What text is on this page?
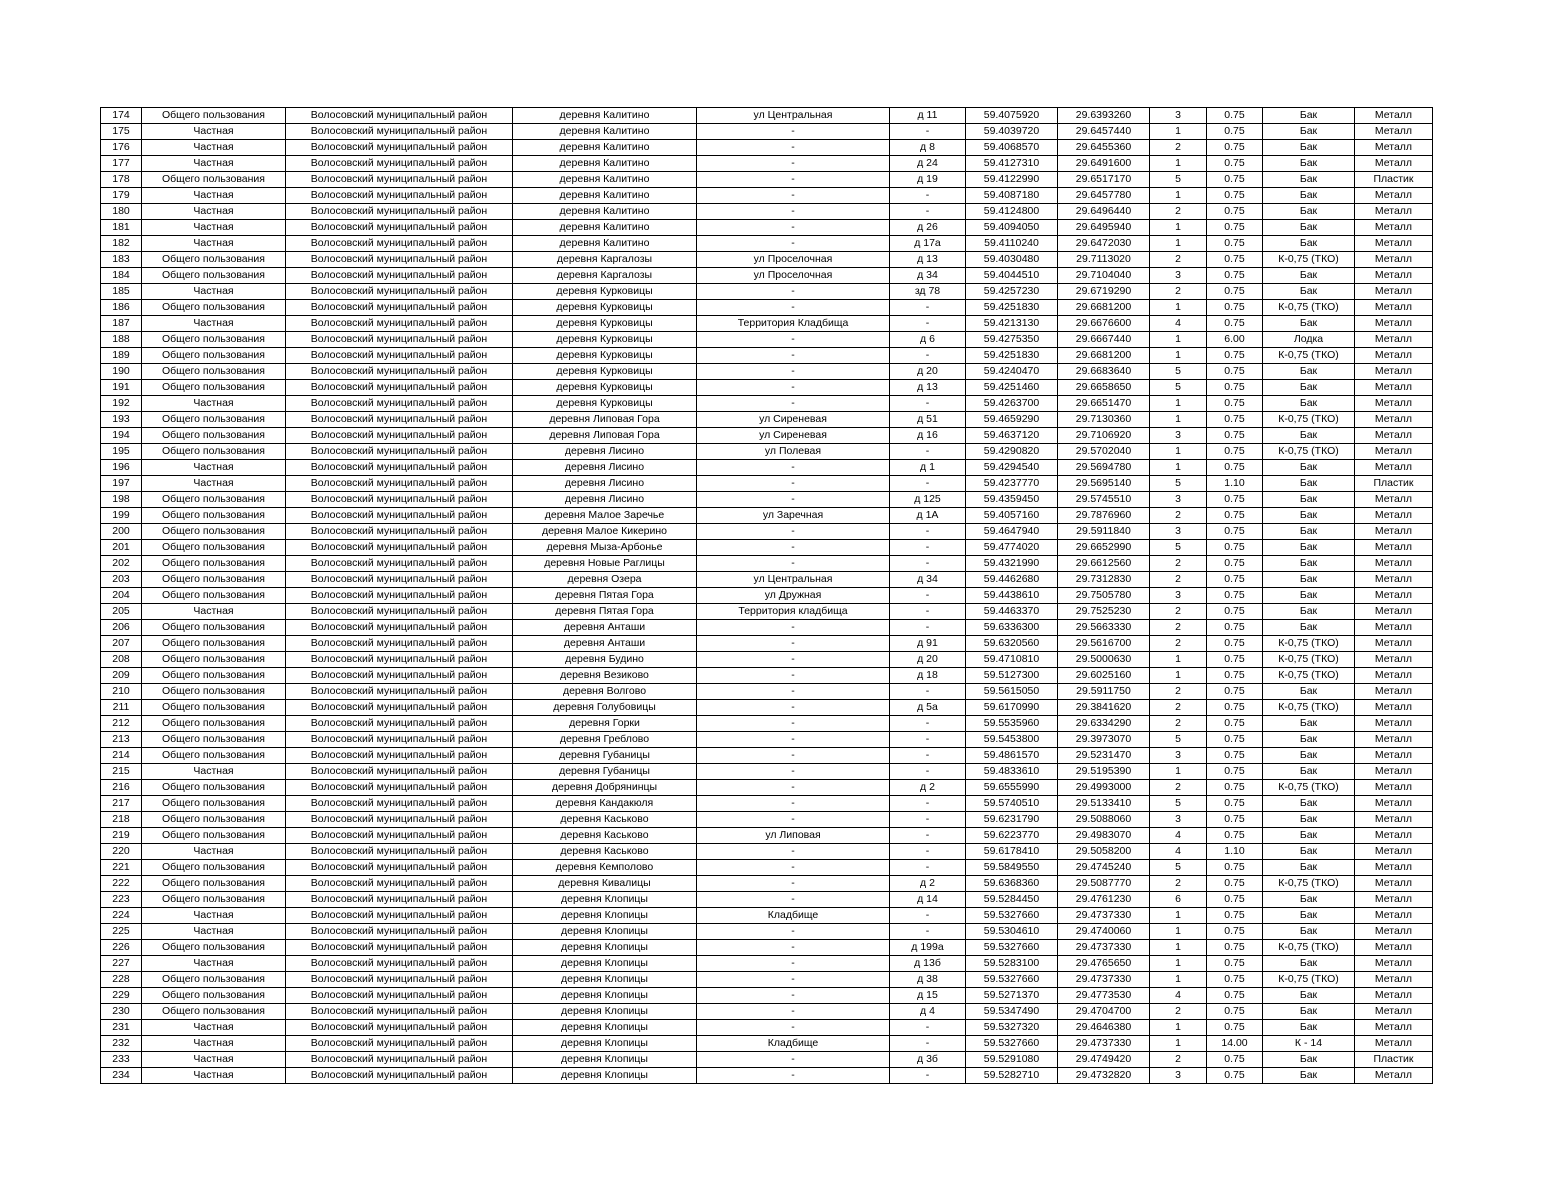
174	Общего пользования	Волосовский муниципальный район	деревня Калитино	ул Центральная	д 11	59.4075920	29.6393260	3	0.75	Бак	Металл
175	Частная	Волосовский муниципальный район	деревня Калитино	-	-	59.4039720	29.6457440	1	0.75	Бак	Металл
176	Частная	Волосовский муниципальный район	деревня Калитино	-	д 8	59.4068570	29.6455360	2	0.75	Бак	Металл
177	Частная	Волосовский муниципальный район	деревня Калитино	-	д 24	59.4127310	29.6491600	1	0.75	Бак	Металл
178	Общего пользования	Волосовский муниципальный район	деревня Калитино	-	д 19	59.4122990	29.6517170	5	0.75	Бак	Пластик
179	Частная	Волосовский муниципальный район	деревня Калитино	-	-	59.4087180	29.6457780	1	0.75	Бак	Металл
180	Частная	Волосовский муниципальный район	деревня Калитино	-	-	59.4124800	29.6496440	2	0.75	Бак	Металл
181	Частная	Волосовский муниципальный район	деревня Калитино	-	д 26	59.4094050	29.6495940	1	0.75	Бак	Металл
182	Частная	Волосовский муниципальный район	деревня Калитино	-	д 17а	59.4110240	29.6472030	1	0.75	Бак	Металл
183	Общего пользования	Волосовский муниципальный район	деревня Каргалозы	ул Проселочная	д 13	59.4030480	29.7113020	2	0.75	К-0,75 (ТКО)	Металл
184	Общего пользования	Волосовский муниципальный район	деревня Каргалозы	ул Проселочная	д 34	59.4044510	29.7104040	3	0.75	Бак	Металл
185	Частная	Волосовский муниципальный район	деревня Курковицы	-	зд 78	59.4257230	29.6719290	2	0.75	Бак	Металл
186	Общего пользования	Волосовский муниципальный район	деревня Курковицы	-	-	59.4251830	29.6681200	1	0.75	К-0,75 (ТКО)	Металл
187	Частная	Волосовский муниципальный район	деревня Курковицы	Территория Кладбища	-	59.4213130	29.6676600	4	0.75	Бак	Металл
188	Общего пользования	Волосовский муниципальный район	деревня Курковицы	-	д 6	59.4275350	29.6667440	1	6.00	Лодка	Металл
189	Общего пользования	Волосовский муниципальный район	деревня Курковицы	-	-	59.4251830	29.6681200	1	0.75	К-0,75 (ТКО)	Металл
190	Общего пользования	Волосовский муниципальный район	деревня Курковицы	-	д 20	59.4240470	29.6683640	5	0.75	Бак	Металл
191	Общего пользования	Волосовский муниципальный район	деревня Курковицы	-	д 13	59.4251460	29.6658650	5	0.75	Бак	Металл
192	Частная	Волосовский муниципальный район	деревня Курковицы	-	-	59.4263700	29.6651470	1	0.75	Бак	Металл
193	Общего пользования	Волосовский муниципальный район	деревня Липовая Гора	ул Сиреневая	д 51	59.4659290	29.7130360	1	0.75	К-0,75 (ТКО)	Металл
194	Общего пользования	Волосовский муниципальный район	деревня Липовая Гора	ул Сиреневая	д 16	59.4637120	29.7106920	3	0.75	Бак	Металл
195	Общего пользования	Волосовский муниципальный район	деревня Лисино	ул Полевая	-	59.4290820	29.5702040	1	0.75	К-0,75 (ТКО)	Металл
196	Частная	Волосовский муниципальный район	деревня Лисино	-	д 1	59.4294540	29.5694780	1	0.75	Бак	Металл
197	Частная	Волосовский муниципальный район	деревня Лисино	-	-	59.4237770	29.5695140	5	1.10	Бак	Пластик
198	Общего пользования	Волосовский муниципальный район	деревня Лисино	-	д 125	59.4359450	29.5745510	3	0.75	Бак	Металл
199	Общего пользования	Волосовский муниципальный район	деревня Малое Заречье	ул Заречная	д 1А	59.4057160	29.7876960	2	0.75	Бак	Металл
200	Общего пользования	Волосовский муниципальный район	деревня Малое Кикерино	-	-	59.4647940	29.5911840	3	0.75	Бак	Металл
201	Общего пользования	Волосовский муниципальный район	деревня Мыза-Арбонье	-	-	59.4774020	29.6652990	5	0.75	Бак	Металл
202	Общего пользования	Волосовский муниципальный район	деревня Новые Раглицы	-	-	59.4321990	29.6612560	2	0.75	Бак	Металл
203	Общего пользования	Волосовский муниципальный район	деревня Озера	ул Центральная	д 34	59.4462680	29.7312830	2	0.75	Бак	Металл
204	Общего пользования	Волосовский муниципальный район	деревня Пятая Гора	ул Дружная	-	59.4438610	29.7505780	3	0.75	Бак	Металл
205	Частная	Волосовский муниципальный район	деревня Пятая Гора	Территория кладбища	-	59.4463370	29.7525230	2	0.75	Бак	Металл
206	Общего пользования	Волосовский муниципальный район	деревня Анташи	-	-	59.6336300	29.5663330	2	0.75	Бак	Металл
207	Общего пользования	Волосовский муниципальный район	деревня Анташи	-	д 91	59.6320560	29.5616700	2	0.75	К-0,75 (ТКО)	Металл
208	Общего пользования	Волосовский муниципальный район	деревня Будино	-	д 20	59.4710810	29.5000630	1	0.75	К-0,75 (ТКО)	Металл
209	Общего пользования	Волосовский муниципальный район	деревня Везиково	-	д 18	59.5127300	29.6025160	1	0.75	К-0,75 (ТКО)	Металл
210	Общего пользования	Волосовский муниципальный район	деревня Волгово	-	-	59.5615050	29.5911750	2	0.75	Бак	Металл
211	Общего пользования	Волосовский муниципальный район	деревня Голубовицы	-	д 5а	59.6170990	29.3841620	2	0.75	К-0,75 (ТКО)	Металл
212	Общего пользования	Волосовский муниципальный район	деревня Горки	-	-	59.5535960	29.6334290	2	0.75	Бак	Металл
213	Общего пользования	Волосовский муниципальный район	деревня Греблово	-	-	59.5453800	29.3973070	5	0.75	Бак	Металл
214	Общего пользования	Волосовский муниципальный район	деревня Губаницы	-	-	59.4861570	29.5231470	3	0.75	Бак	Металл
215	Частная	Волосовский муниципальный район	деревня Губаницы	-	-	59.4833610	29.5195390	1	0.75	Бак	Металл
216	Общего пользования	Волосовский муниципальный район	деревня Добрянинцы	-	д 2	59.6555990	29.4993000	2	0.75	К-0,75 (ТКО)	Металл
217	Общего пользования	Волосовский муниципальный район	деревня Кандакюля	-	-	59.5740510	29.5133410	5	0.75	Бак	Металл
218	Общего пользования	Волосовский муниципальный район	деревня Каськово	-	-	59.6231790	29.5088060	3	0.75	Бак	Металл
219	Общего пользования	Волосовский муниципальный район	деревня Каськово	ул Липовая	-	59.6223770	29.4983070	4	0.75	Бак	Металл
220	Частная	Волосовский муниципальный район	деревня Каськово	-	-	59.6178410	29.5058200	4	1.10	Бак	Металл
221	Общего пользования	Волосовский муниципальный район	деревня Кемполово	-	-	59.5849550	29.4745240	5	0.75	Бак	Металл
222	Общего пользования	Волосовский муниципальный район	деревня Кивалицы	-	д 2	59.6368360	29.5087770	2	0.75	К-0,75 (ТКО)	Металл
223	Общего пользования	Волосовский муниципальный район	деревня Клопицы	-	д 14	59.5284450	29.4761230	6	0.75	Бак	Металл
224	Частная	Волосовский муниципальный район	деревня Клопицы	Кладбище	-	59.5327660	29.4737330	1	0.75	Бак	Металл
225	Частная	Волосовский муниципальный район	деревня Клопицы	-	-	59.5304610	29.4740060	1	0.75	Бак	Металл
226	Общего пользования	Волосовский муниципальный район	деревня Клопицы	-	д 199а	59.5327660	29.4737330	1	0.75	К-0,75 (ТКО)	Металл
227	Частная	Волосовский муниципальный район	деревня Клопицы	-	д 13б	59.5283100	29.4765650	1	0.75	Бак	Металл
228	Общего пользования	Волосовский муниципальный район	деревня Клопицы	-	д 38	59.5327660	29.4737330	1	0.75	К-0,75 (ТКО)	Металл
229	Общего пользования	Волосовский муниципальный район	деревня Клопицы	-	д 15	59.5271370	29.4773530	4	0.75	Бак	Металл
230	Общего пользования	Волосовский муниципальный район	деревня Клопицы	-	д 4	59.5347490	29.4704700	2	0.75	Бак	Металл
231	Частная	Волосовский муниципальный район	деревня Клопицы	-	-	59.5327320	29.4646380	1	0.75	Бак	Металл
232	Частная	Волосовский муниципальный район	деревня Клопицы	Кладбище	-	59.5327660	29.4737330	1	14.00	К - 14	Металл
233	Частная	Волосовский муниципальный район	деревня Клопицы	-	д 3б	59.5291080	29.4749420	2	0.75	Бак	Пластик
234	Частная	Волосовский муниципальный район	деревня Клопицы	-	-	59.5282710	29.4732820	3	0.75	Бак	Металл
